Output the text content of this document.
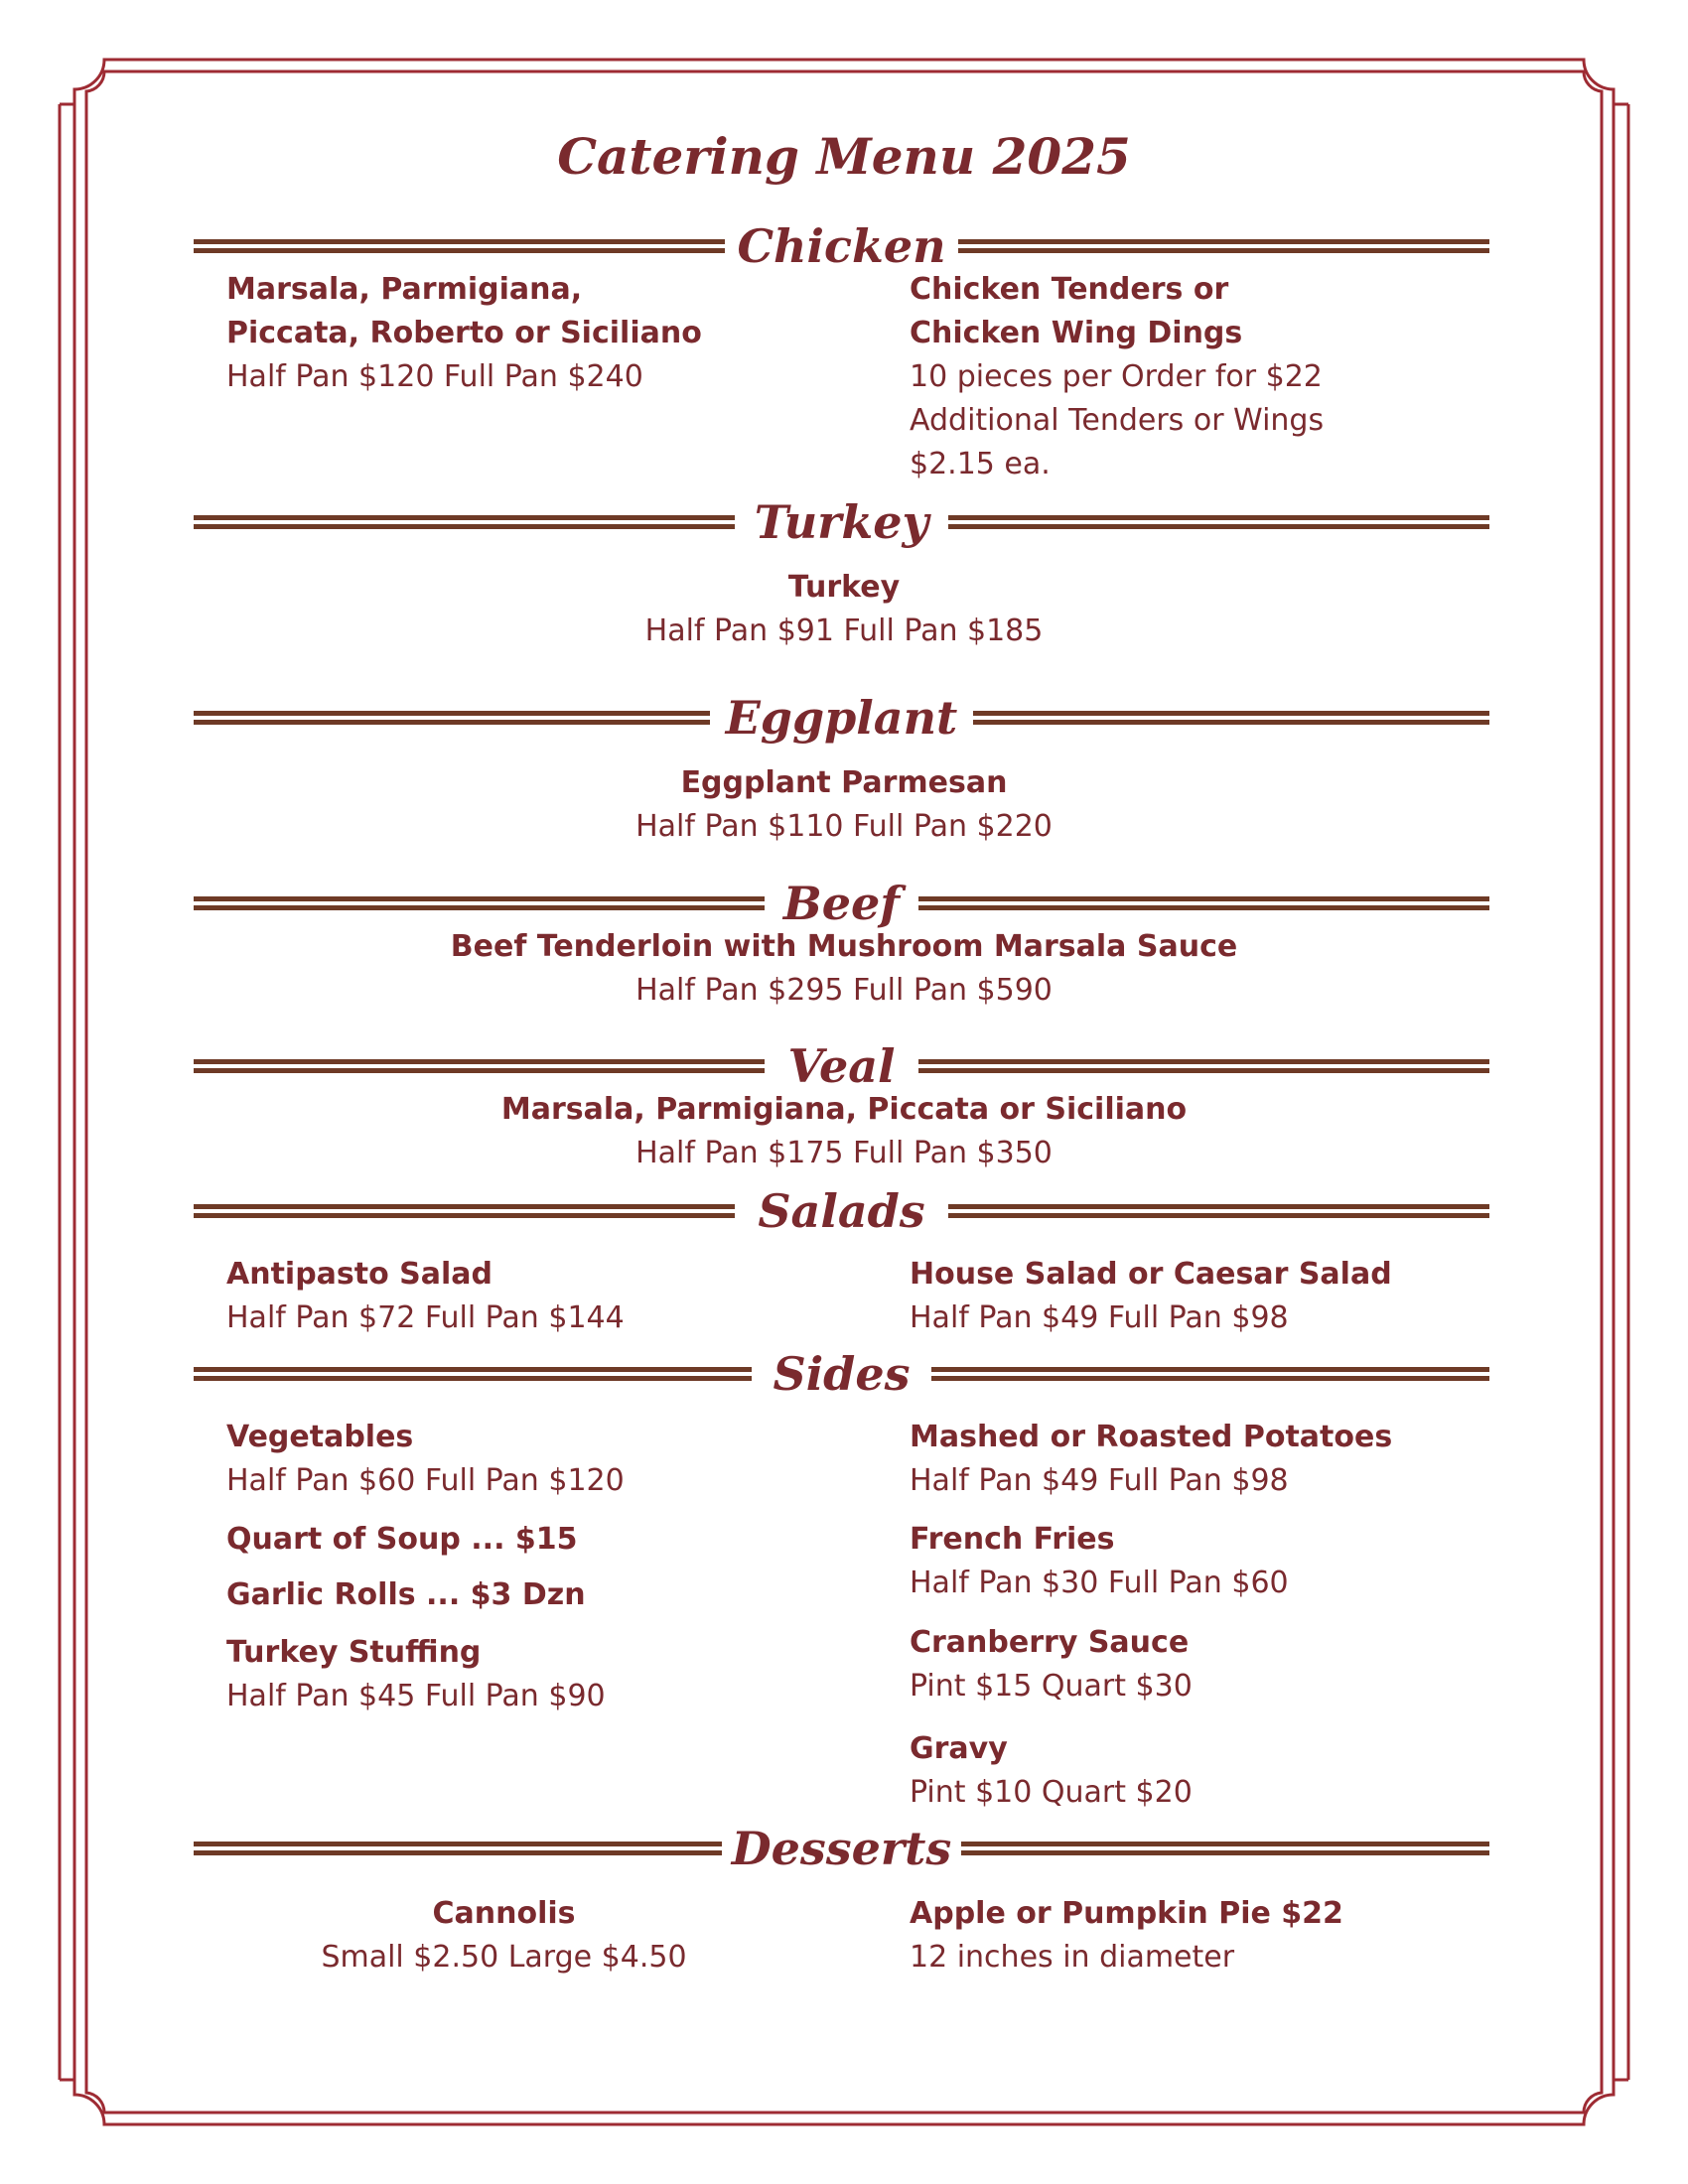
Catering Menu 2025
Chicken
Marsala, Parmigiana,
Piccata, Roberto or Siciliano
Half Pan $120 Full Pan $240
Chicken Tenders or
Chicken Wing Dings
10 pieces per Order for $22
Additional Tenders or Wings
$2.15 ea.
Turkey
Turkey
Half Pan $91 Full Pan $185
Eggplant
Eggplant Parmesan
Half Pan $110 Full Pan $220
Beef
Beef Tenderloin with Mushroom Marsala Sauce
Half Pan $295 Full Pan $590
Veal
Marsala, Parmigiana, Piccata or Siciliano
Half Pan $175 Full Pan $350
Salads
Antipasto Salad
Half Pan $72 Full Pan $144
House Salad or Caesar Salad
Half Pan $49 Full Pan $98
Sides
Vegetables
Half Pan $60 Full Pan $120
Quart of Soup ... $15
Garlic Rolls ... $3 Dzn
Turkey Stuffing
Half Pan $45 Full Pan $90
Mashed or Roasted Potatoes
Half Pan $49 Full Pan $98
French Fries
Half Pan $30 Full Pan $60
Cranberry Sauce
Pint $15 Quart $30
Gravy
Pint $10 Quart $20
Desserts
Cannolis
Small $2.50 Large $4.50
Apple or Pumpkin Pie $22
12 inches in diameter
